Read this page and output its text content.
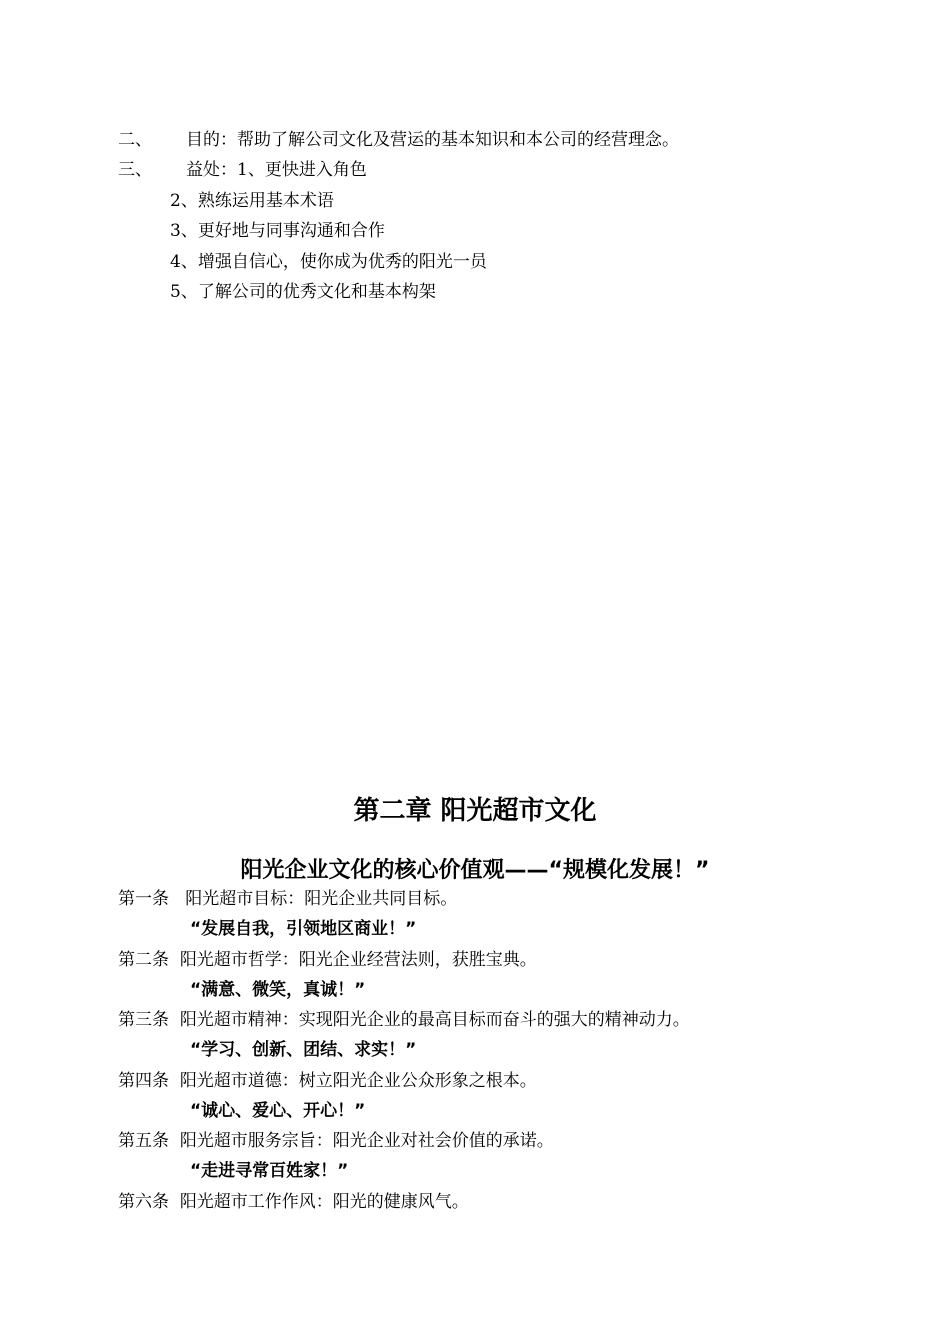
二、 目的：帮助了解公司文化及营运的基本知识和本公司的经营理念。
三、 益处：1、更快进入角色
2、熟练运用基本术语
3、更好地与同事沟通和合作
4、增强自信心，使你成为优秀的阳光一员
5、了解公司的优秀文化和基本构架
第二章 阳光超市文化
阳光企业文化的核心价值观——“规模化发展！”
第一条 阳光超市目标：阳光企业共同目标。
“发展自我，引领地区商业！”
第二条 阳光超市哲学：阳光企业经营法则，获胜宝典。
“满意、微笑，真诚！”
第三条 阳光超市精神：实现阳光企业的最高目标而奋斗的强大的精神动力。
“学习、创新、团结、求实！”
第四条 阳光超市道德：树立阳光企业公众形象之根本。
“诚心、爱心、开心！”
第五条 阳光超市服务宗旨：阳光企业对社会价值的承诺。
“走进寻常百姓家！”
第六条 阳光超市工作作风：阳光的健康风气。
